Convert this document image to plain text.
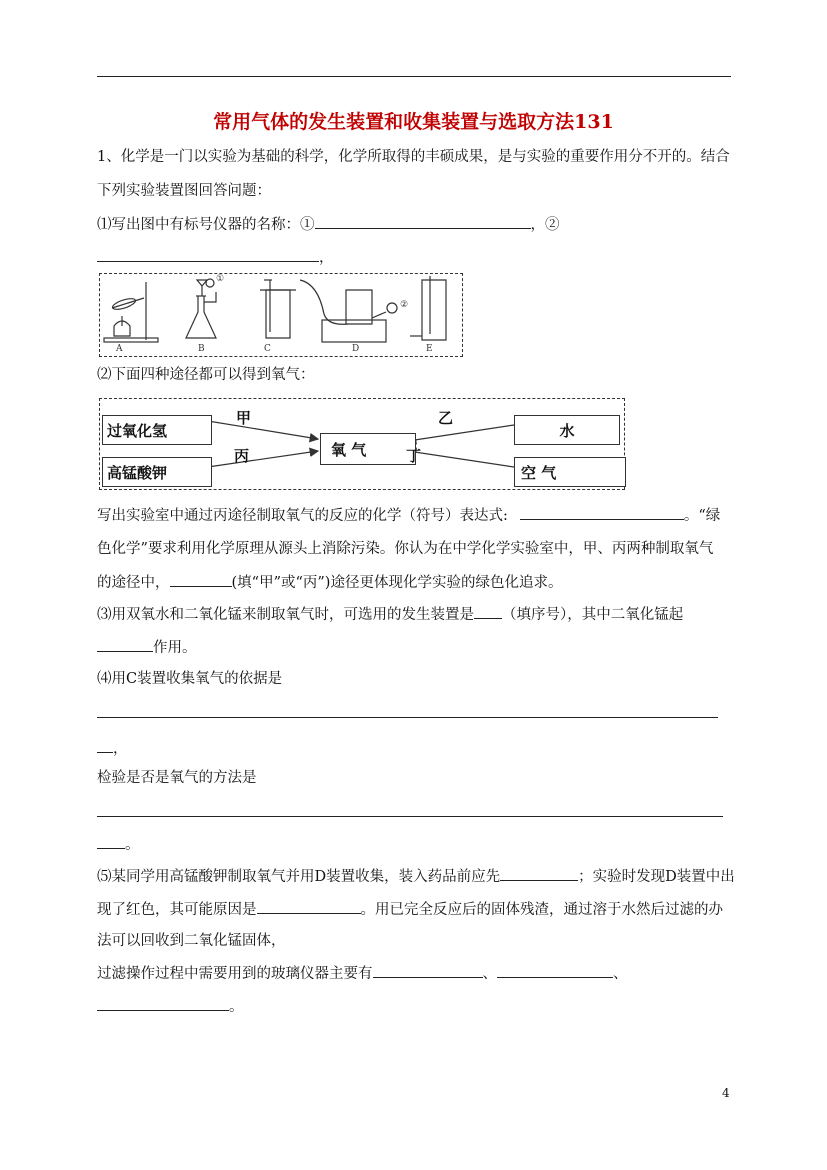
常用气体的发生装置和收集装置与选取方法131
1、化学是一门以实验为基础的科学，化学所取得的丰硕成果，是与实验的重要作用分不开的。结合
下列实验装置图回答问题：
⑴写出图中有标号仪器的名称：①	，②
，
A	B	C	D	E
①
②
⑵下面四种途径都可以得到氧气：
过氧化氢
高锰酸钾
氧 气
水
空 气
甲	乙
丙	丁
写出实验室中通过丙途径制取氧气的反应的化学（符号）表达式:	。“绿
色化学”要求利用化学原理从源头上消除污染。你认为在中学化学实验室中，甲、丙两种制取氧气
的途径中，	(填“甲”或“丙”)途径更体现化学实验的绿色化追求。
⑶用双氧水和二氧化锰来制取氧气时，可选用的发生装置是 （填序号），其中二氧化锰起
作用。
⑷用C装置收集氧气的依据是
，
检验是否是氧气的方法是
。
⑸某同学用高锰酸钾制取氧气并用D装置收集，装入药品前应先	；实验时发现D装置中出
现了红色，其可能原因是	。用已完全反应后的固体残渣，通过溶于水然后过滤的办
法可以回收到二氧化锰固体，
过滤操作过程中需要用到的玻璃仪器主要有	、	、
。
4
